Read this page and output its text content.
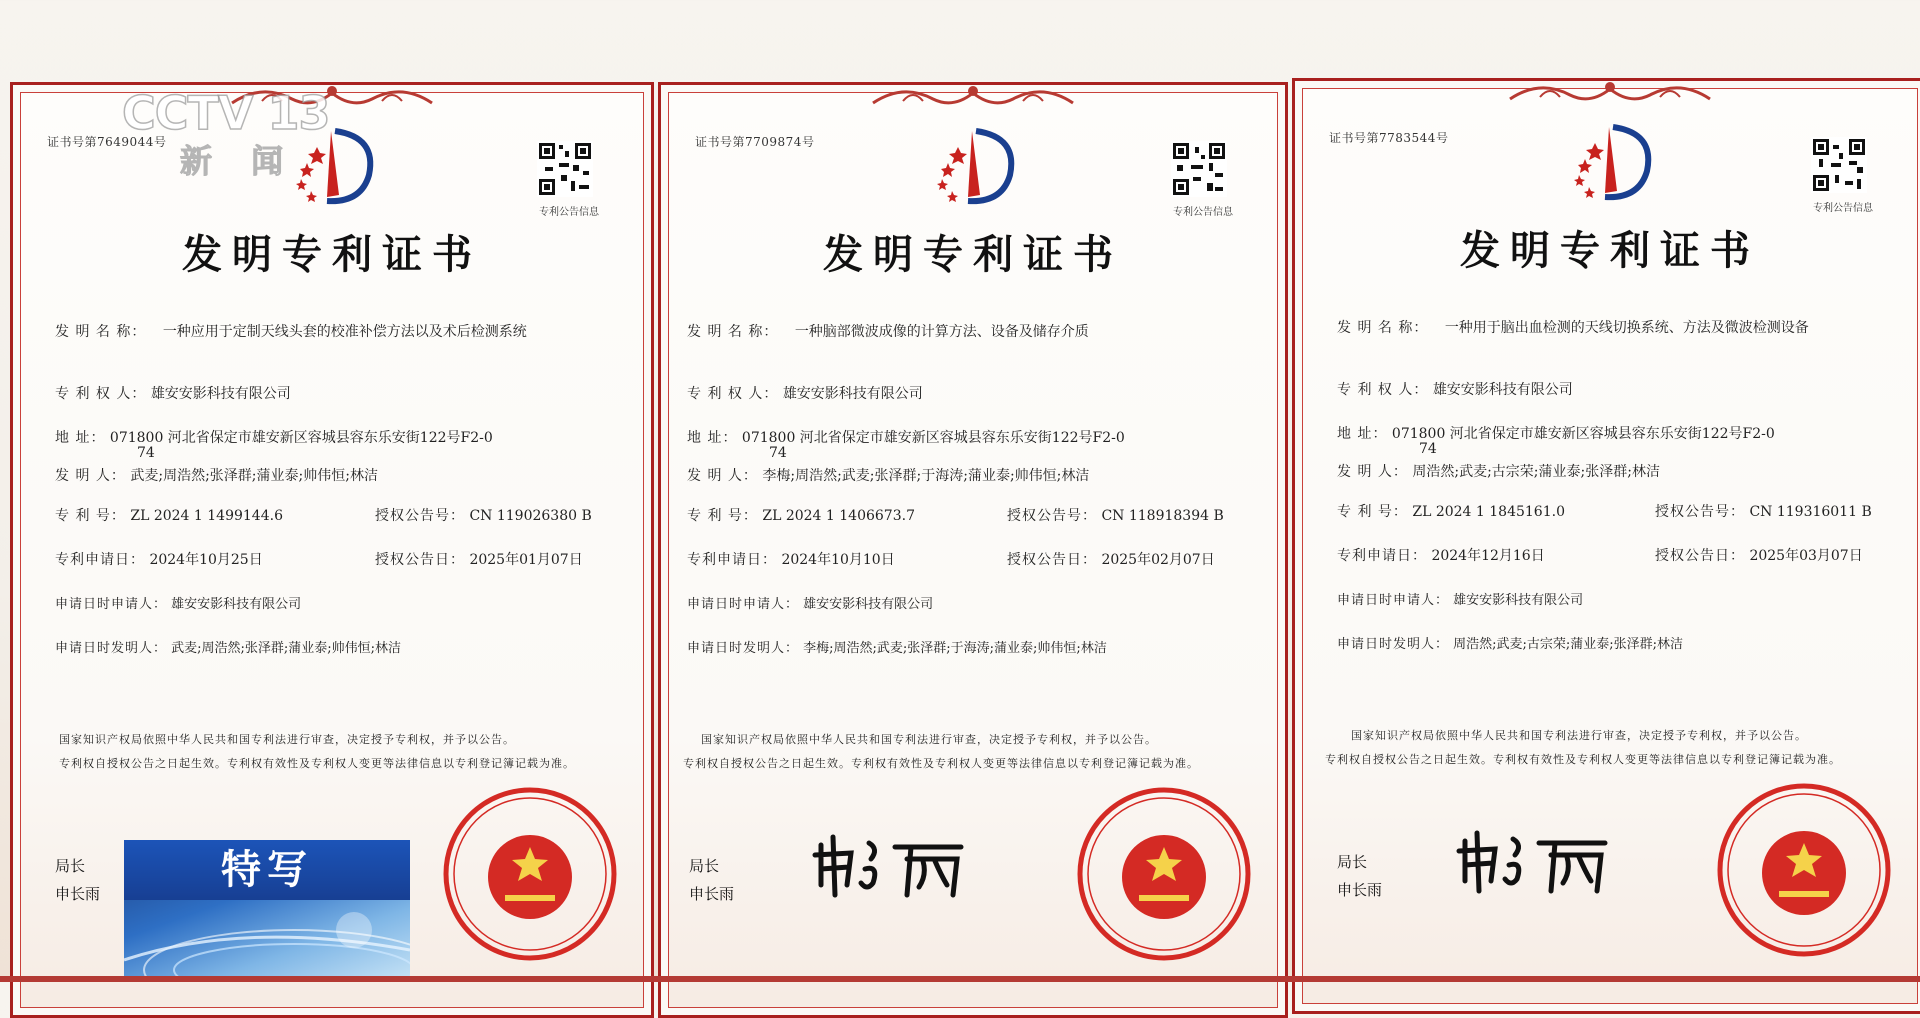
证书号第7649044号
专利公告信息
发明专利证书
发 明 名 称： 一种应用于定制天线头套的校准补偿方法以及术后检测系统
专 利 权 人： 雄安安影科技有限公司
地 址： 071800 河北省保定市雄安新区容城县容东乐安街122号F2-0
74
发 明 人： 武麦;周浩然;张泽群;蒲业泰;帅伟恒;林洁
专 利 号： ZL 2024 1 1499144.6	授权公告号： CN 119026380 B
专利申请日： 2024年10月25日	授权公告日： 2025年01月07日
申请日时申请人： 雄安安影科技有限公司
申请日时发明人： 武麦;周浩然;张泽群;蒲业泰;帅伟恒;林洁
国家知识产权局依照中华人民共和国专利法进行审查，决定授予专利权，并予以公告。
专利权自授权公告之日起生效。专利权有效性及专利权人变更等法律信息以专利登记簿记载为准。
局长
申长雨
证书号第7709874号
专利公告信息
发明专利证书
发 明 名 称： 一种脑部微波成像的计算方法、设备及储存介质
专 利 权 人： 雄安安影科技有限公司
地 址： 071800 河北省保定市雄安新区容城县容东乐安街122号F2-0
74
发 明 人： 李梅;周浩然;武麦;张泽群;于海涛;蒲业泰;帅伟恒;林洁
专 利 号： ZL 2024 1 1406673.7	授权公告号： CN 118918394 B
专利申请日： 2024年10月10日	授权公告日： 2025年02月07日
申请日时申请人： 雄安安影科技有限公司
申请日时发明人： 李梅;周浩然;武麦;张泽群;于海涛;蒲业泰;帅伟恒;林洁
国家知识产权局依照中华人民共和国专利法进行审查，决定授予专利权，并予以公告。
专利权自授权公告之日起生效。专利权有效性及专利权人变更等法律信息以专利登记簿记载为准。
局长
申长雨
证书号第7783544号
专利公告信息
发明专利证书
发 明 名 称： 一种用于脑出血检测的天线切换系统、方法及微波检测设备
专 利 权 人： 雄安安影科技有限公司
地 址： 071800 河北省保定市雄安新区容城县容东乐安街122号F2-0
74
发 明 人： 周浩然;武麦;古宗荣;蒲业泰;张泽群;林洁
专 利 号： ZL 2024 1 1845161.0	授权公告号： CN 119316011 B
专利申请日： 2024年12月16日	授权公告日： 2025年03月07日
申请日时申请人： 雄安安影科技有限公司
申请日时发明人： 周浩然;武麦;古宗荣;蒲业泰;张泽群;林洁
国家知识产权局依照中华人民共和国专利法进行审查，决定授予专利权，并予以公告。
专利权自授权公告之日起生效。专利权有效性及专利权人变更等法律信息以专利登记簿记载为准。
局长
申长雨
CCTV 13
新 闻
特写
